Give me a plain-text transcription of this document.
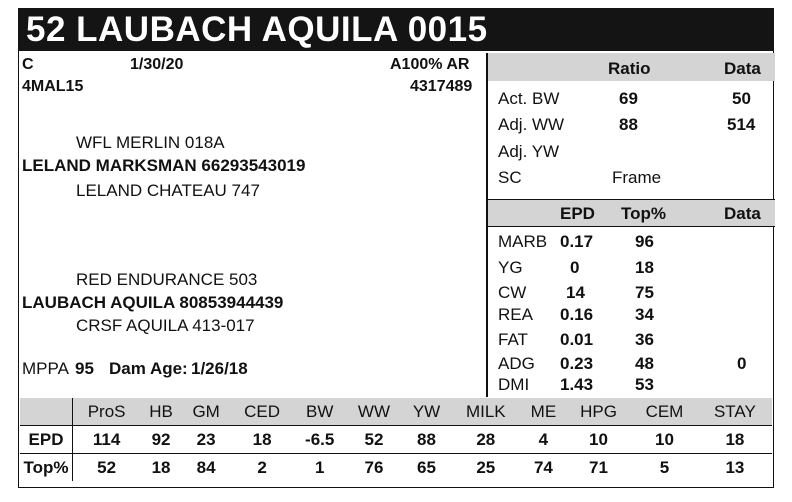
52 LAUBACH AQUILA 0015
C	1/30/20	A100% AR
4MAL15	4317489
WFL MERLIN 018A
LELAND MARKSMAN 66293543019
LELAND CHATEAU 747
RED ENDURANCE 503
LAUBACH AQUILA 80853944439
CRSF AQUILA 413-017
MPPA 95 Dam Age: 1/26/18
Ratio	Data
Act. BW	69	50
Adj. WW	88	514
Adj. YW
SC	Frame
EPD Top%	Data
MARB 0.17 96
YG	0	18
CW 14	75
REA 0.16 34
FAT 0.01 36
ADG 0.23 48	0
DMI 1.43 53
	ProS	HB	GM	CED	BW	WW	YW	MILK	ME	HPG	CEM	STAY
EPD	114	92	23	18	-6.5	52	88	28	4	10	10	18
Top%	52	18	84	2	1	76	65	25	74	71	5	13
